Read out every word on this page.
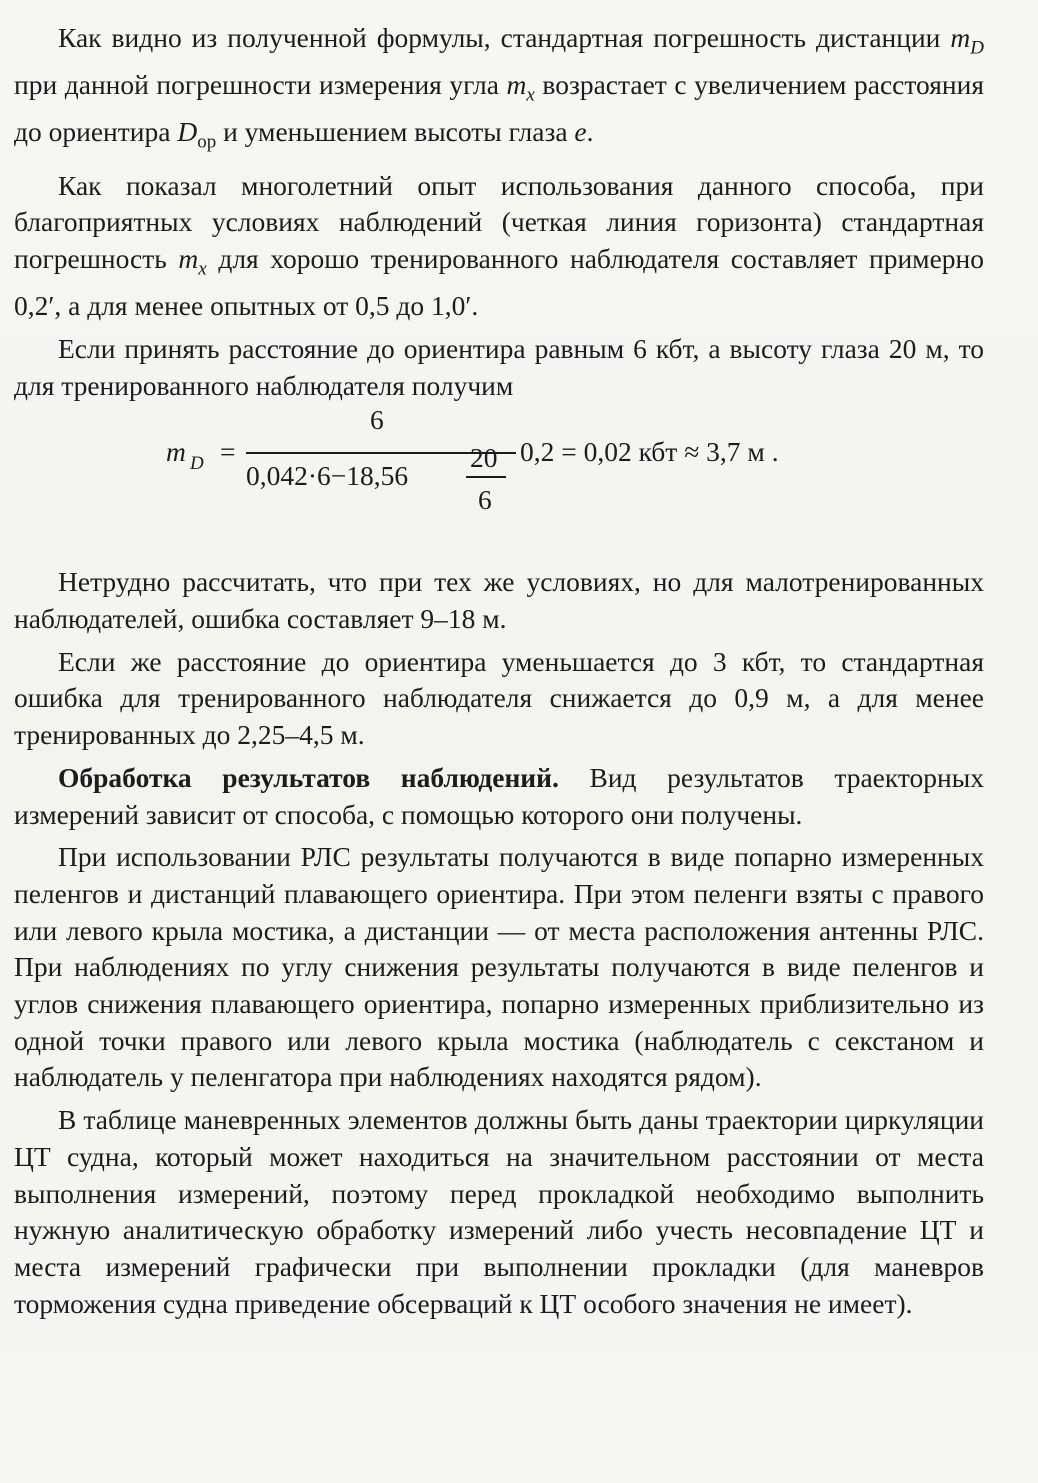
Как видно из полученной формулы, стандартная погрешность дистанции $m_D$ при данной погрешности измерения угла $m_x$ возрастает с увеличением расстояния до ориентира $D_{op}$ и уменьшением высоты глаза e.

Как показал многолетний опыт использования данного способа, при благоприятных условиях наблюдений (четкая линия горизонта) стандартная погрешность $m_x$ для хорошо тренированного наблюдателя составляет примерно 0,2′, а для менее опытных от 0,5 до 1,0′.

Если принять расстояние до ориентира равным 6 кбт, а высоту глаза 20 м, то для тренированного наблюдателя получим

m D =
6
0,042·6−18,56
20
6
0,2 = 0,02 кбт ≈ 3,7 м .

Нетрудно рассчитать, что при тех же условиях, но для малотренированных наблюдателей, ошибка составляет 9–18 м.

Если же расстояние до ориентира уменьшается до 3 кбт, то стандартная ошибка для тренированного наблюдателя снижается до 0,9 м, а для менее тренированных до 2,25–4,5 м.

Обработка результатов наблюдений. Вид результатов траекторных измерений зависит от способа, с помощью которого они получены.

При использовании РЛС результаты получаются в виде попарно измеренных пеленгов и дистанций плавающего ориентира. При этом пеленги взяты с правого или левого крыла мостика, а дистанции — от места расположения антенны РЛС. При наблюдениях по углу снижения результаты получаются в виде пеленгов и углов снижения плавающего ориентира, попарно измеренных приблизительно из одной точки правого или левого крыла мостика (наблюдатель с секстаном и наблюдатель у пеленгатора при наблюдениях находятся рядом).

В таблице маневренных элементов должны быть даны траектории циркуляции ЦТ судна, который может находиться на значительном расстоянии от места выполнения измерений, поэтому перед прокладкой необходимо выполнить нужную аналитическую обработку измерений либо учесть несовпадение ЦТ и места измерений графически при выполнении прокладки (для маневров торможения судна приведение обсерваций к ЦТ особого значения не имеет).
